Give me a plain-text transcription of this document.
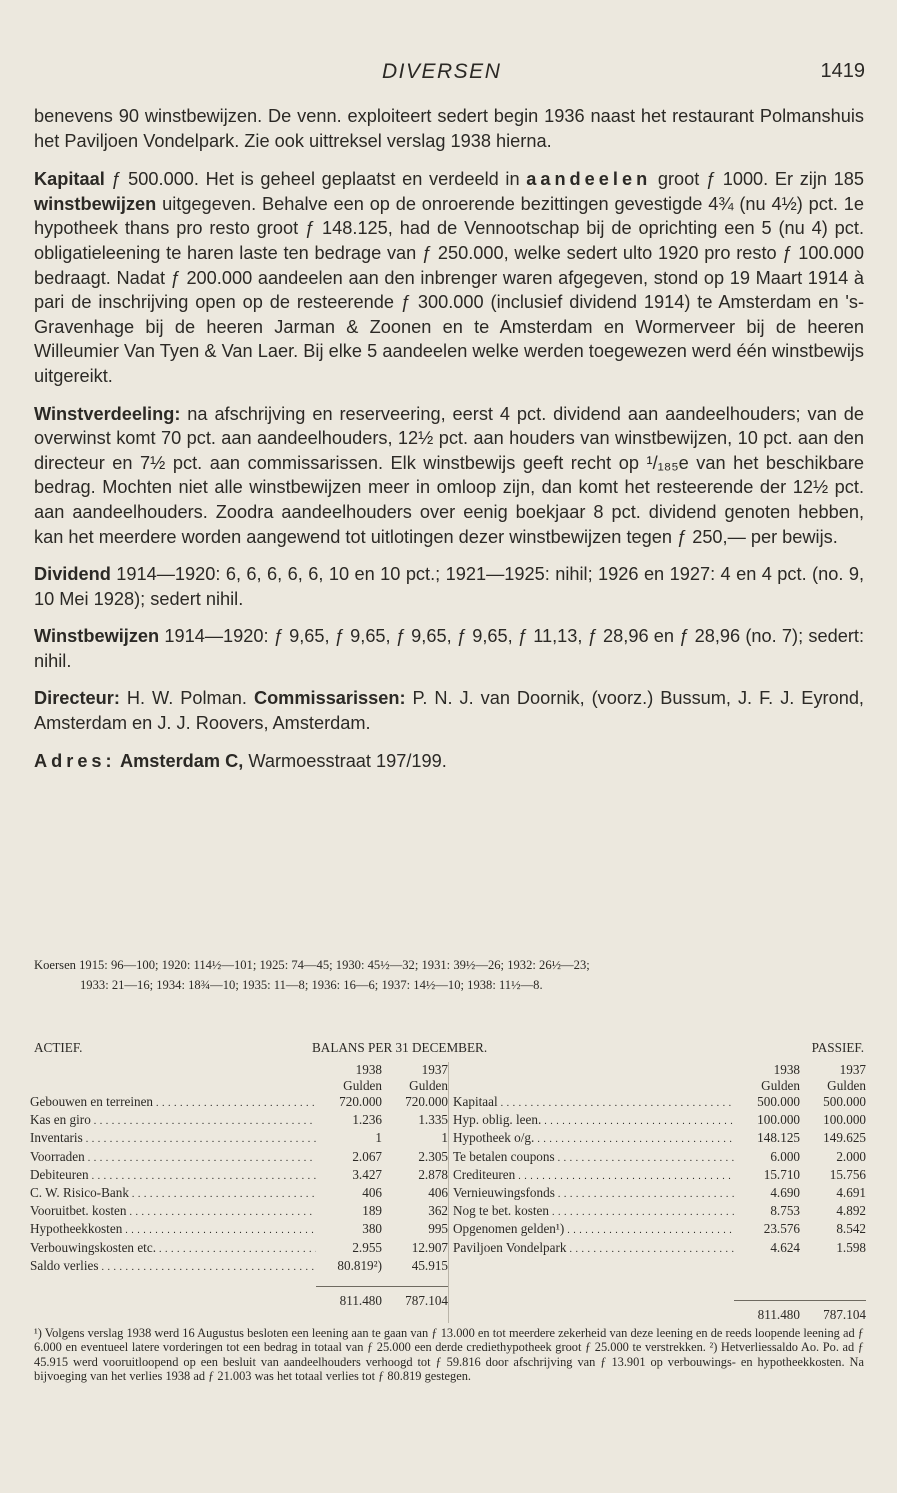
DIVERSEN	1419

benevens 90 winstbewijzen. De venn. exploiteert sedert begin 1936 naast het restaurant Polmanshuis het Paviljoen Vondelpark. Zie ook uittreksel verslag 1938 hierna.

Kapitaal ƒ 500.000. Het is geheel geplaatst en verdeeld in aandeelen groot ƒ 1000. Er zijn 185 winstbewijzen uitgegeven. Behalve een op de onroerende bezittingen gevestigde 4¾ (nu 4½) pct. 1e hypotheek thans pro resto groot ƒ 148.125, had de Vennootschap bij de oprichting een 5 (nu 4) pct. obligatieleening te haren laste ten bedrage van ƒ 250.000, welke sedert ulto 1920 pro resto ƒ 100.000 bedraagt. Nadat ƒ 200.000 aandeelen aan den inbrenger waren afgegeven, stond op 19 Maart 1914 à pari de inschrijving open op de resteerende ƒ 300.000 (inclusief dividend 1914) te Amsterdam en 's-Gravenhage bij de heeren Jarman & Zoonen en te Amsterdam en Wormerveer bij de heeren Willeumier Van Tyen & Van Laer. Bij elke 5 aandeelen welke werden toegewezen werd één winstbewijs uitgereikt.

Winstverdeeling: na afschrijving en reserveering, eerst 4 pct. dividend aan aandeelhouders; van de overwinst komt 70 pct. aan aandeelhouders, 12½ pct. aan houders van winstbewijzen, 10 pct. aan den directeur en 7½ pct. aan commissarissen. Elk winstbewijs geeft recht op ¹/₁₈₅e van het beschikbare bedrag. Mochten niet alle winstbewijzen meer in omloop zijn, dan komt het resteerende der 12½ pct. aan aandeelhouders. Zoodra aandeelhouders over eenig boekjaar 8 pct. dividend genoten hebben, kan het meerdere worden aangewend tot uitlotingen dezer winstbewijzen tegen ƒ 250,— per bewijs.

Dividend 1914—1920: 6, 6, 6, 6, 6, 10 en 10 pct.; 1921—1925: nihil; 1926 en 1927: 4 en 4 pct. (no. 9, 10 Mei 1928); sedert nihil.

Winstbewijzen 1914—1920: ƒ 9,65, ƒ 9,65, ƒ 9,65, ƒ 9,65, ƒ 11,13, ƒ 28,96 en ƒ 28,96 (no. 7); sedert: nihil.

Directeur: H. W. Polman. Commissarissen: P. N. J. van Doornik, (voorz.) Bussum, J. F. J. Eyrond, Amsterdam en J. J. Roovers, Amsterdam.

Adres: Amsterdam C, Warmoesstraat 197/199.

Koersen 1915: 96—100; 1920: 114½—101; 1925: 74—45; 1930: 45½—32; 1931: 39½—26; 1932: 26½—23;
1933: 21—16; 1934: 18¾—10; 1935: 11—8; 1936: 16—6; 1937: 14½—10; 1938: 11½—8.
ACTIEF.	BALANS PER 31 DECEMBER.	PASSIEF.
1938	1937
Gulden	Gulden
Gebouwen en terreinen . . .	720.000	720.000
Kas en giro . . .	1.236	1.335
Inventaris . . .	1	1
Voorraden . . .	2.067	2.305
Debiteuren . . .	3.427	2.878
C. W. Risico-Bank . . .	406	406
Vooruitbet. kosten . . .	189	362
Hypotheekkosten . . .	380	995
Verbouwingskosten etc. . . .	2.955	12.907
Saldo verlies . . .	80.819²)	45.915
811.480	787.104
1938	1937
Gulden	Gulden
Kapitaal . . .	500.000	500.000
Hyp. oblig. leen. . . .	100.000	100.000
Hypotheek o/g. . . .	148.125	149.625
Te betalen coupons . . .	6.000	2.000
Crediteuren . . .	15.710	15.756
Vernieuwingsfonds . . .	4.690	4.691
Nog te bet. kosten . . .	8.753	4.892
Opgenomen gelden¹) . . .	23.576	8.542
Paviljoen Vondelpark . . .	4.624	1.598
811.480	787.104
¹) Volgens verslag 1938 werd 16 Augustus besloten een leening aan te gaan van ƒ 13.000 en tot meerdere zekerheid van deze leening en de reeds loopende leening ad ƒ 6.000 en eventueel latere vorderingen tot een bedrag in totaal van ƒ 25.000 een derde crediethypotheek groot ƒ 25.000 te verstrekken. ²) Hetverliessaldo Ao. Po. ad ƒ 45.915 werd vooruitloopend op een besluit van aandeelhouders verhoogd tot ƒ 59.816 door afschrijving van ƒ 13.901 op verbouwings- en hypotheekkosten. Na bijvoeging van het verlies 1938 ad ƒ 21.003 was het totaal verlies tot ƒ 80.819 gestegen.
